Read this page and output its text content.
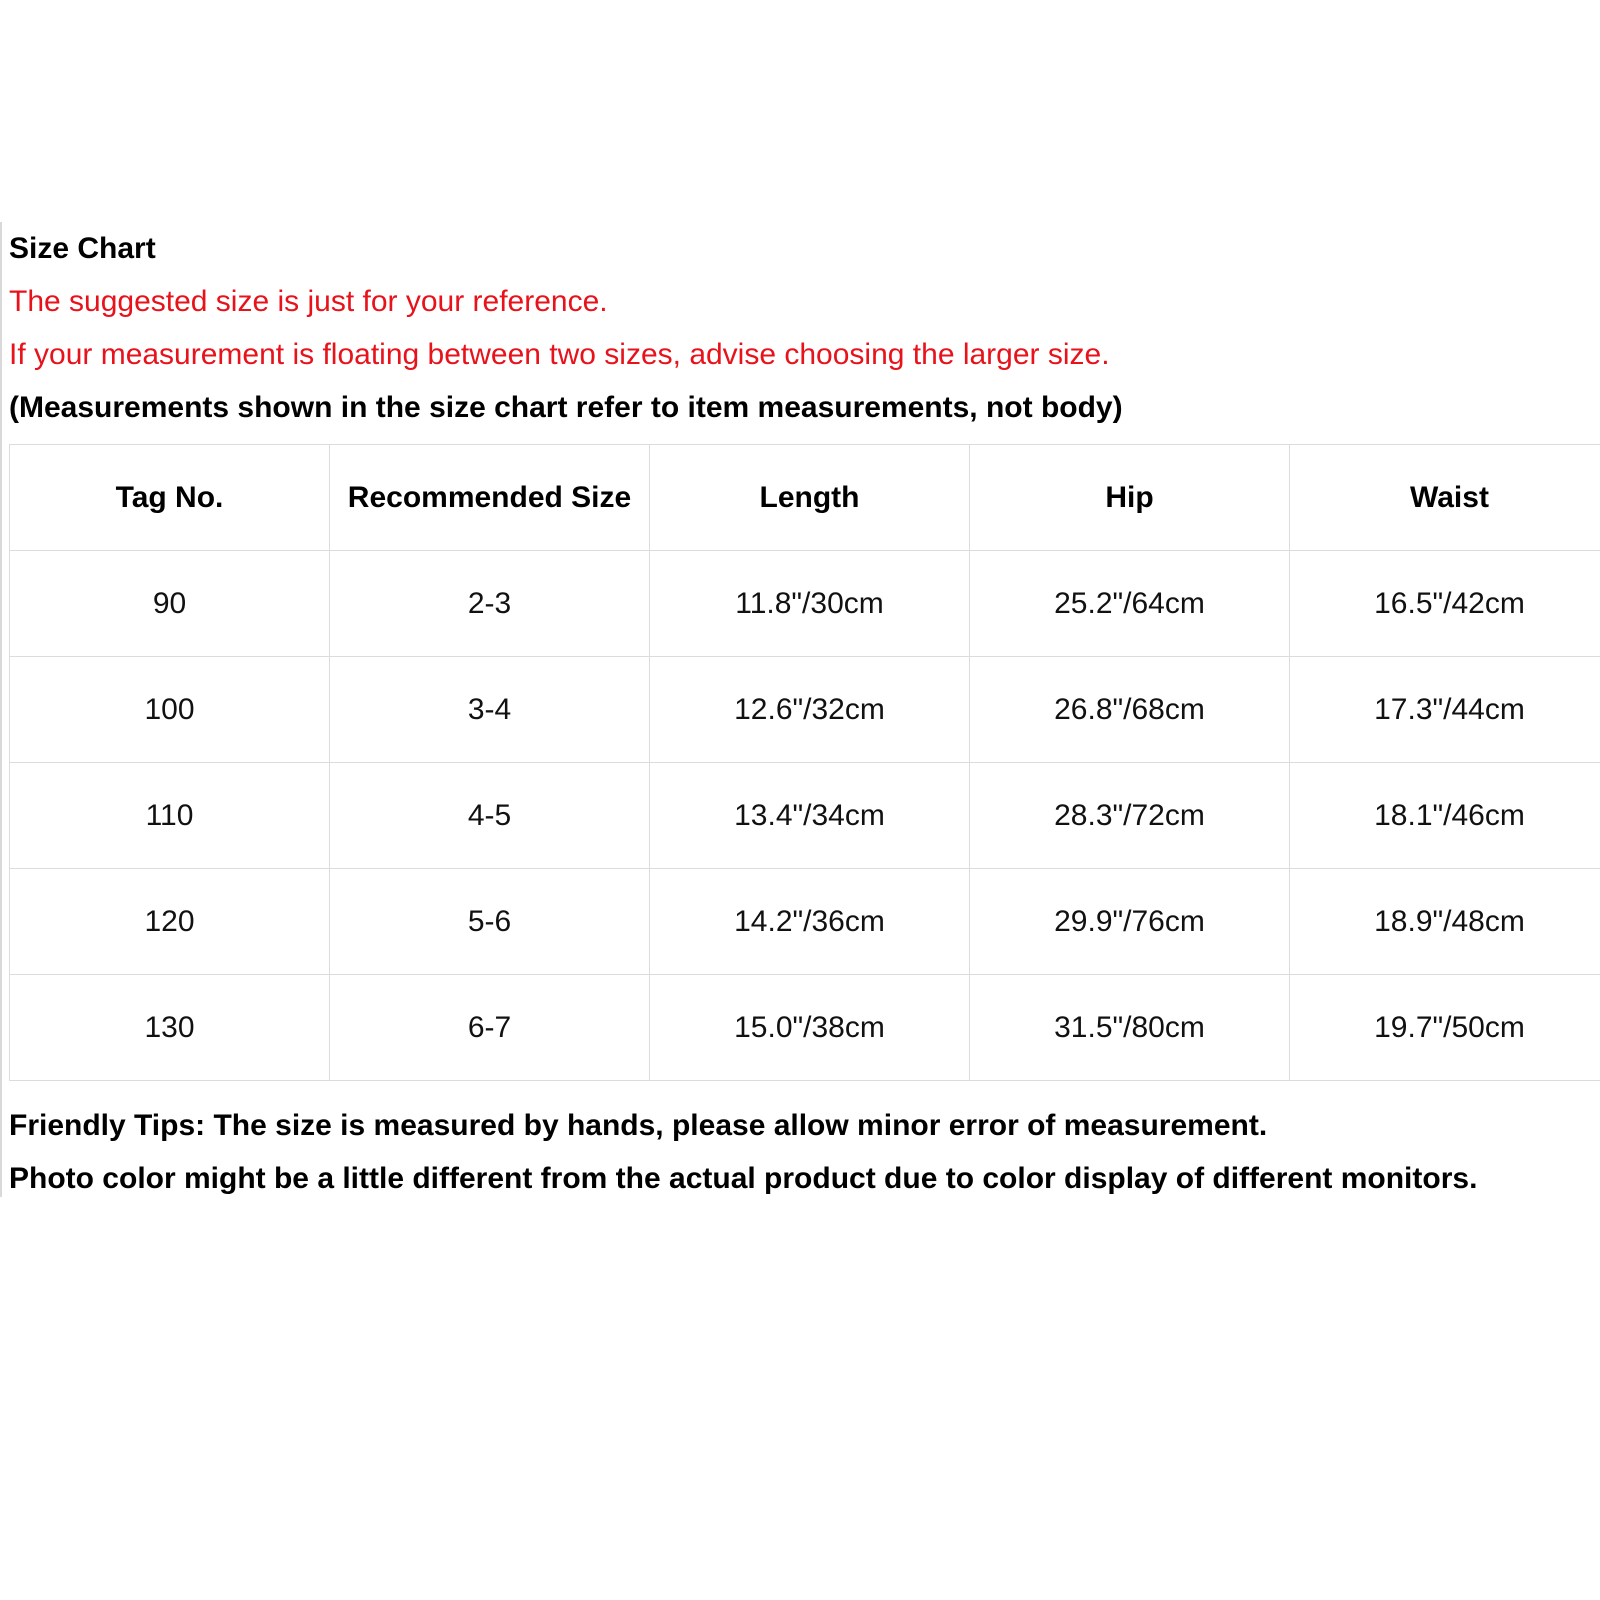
Size Chart
The suggested size is just for your reference.
If your measurement is floating between two sizes, advise choosing the larger size.
(Measurements shown in the size chart refer to item measurements, not body)
Tag No.	Recommended Size	Length	Hip	Waist
90	2-3	11.8"/30cm	25.2"/64cm	16.5"/42cm
100	3-4	12.6"/32cm	26.8"/68cm	17.3"/44cm
110	4-5	13.4"/34cm	28.3"/72cm	18.1"/46cm
120	5-6	14.2"/36cm	29.9"/76cm	18.9"/48cm
130	6-7	15.0"/38cm	31.5"/80cm	19.7"/50cm
Friendly Tips: The size is measured by hands, please allow minor error of measurement.
Photo color might be a little different from the actual product due to color display of different monitors.
